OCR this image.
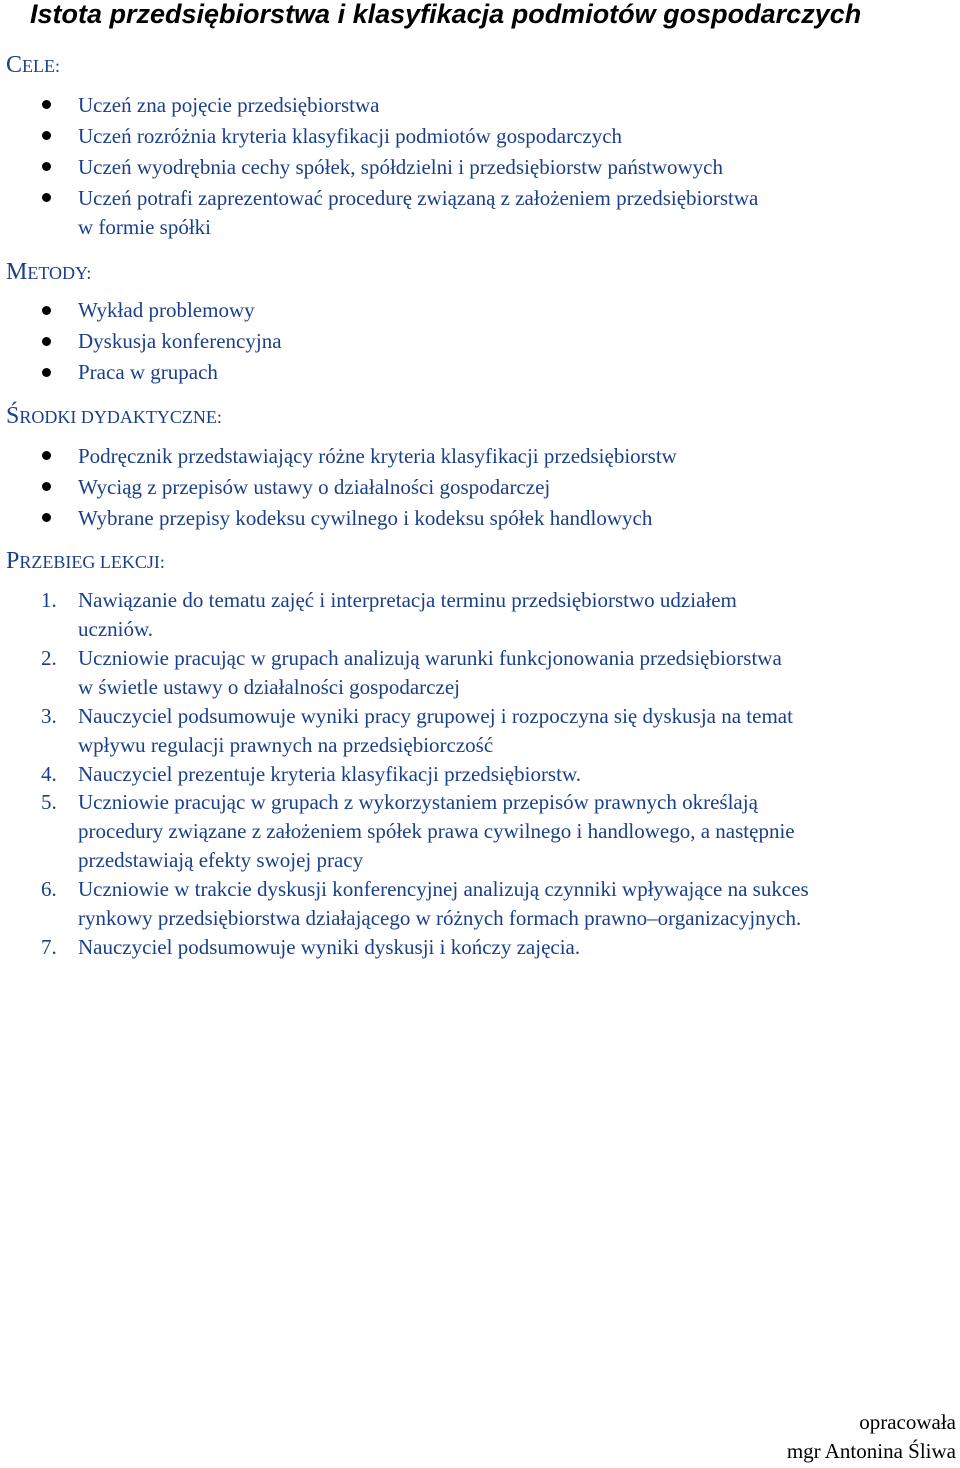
Istota przedsiębiorstwa i klasyfikacja podmiotów gospodarczych
CELE:
Uczeń zna pojęcie przedsiębiorstwa
Uczeń rozróżnia kryteria klasyfikacji podmiotów gospodarczych
Uczeń wyodrębnia cechy spółek, spółdzielni i przedsiębiorstw państwowych
Uczeń potrafi zaprezentować procedurę związaną z założeniem przedsiębiorstwa
w formie spółki
METODY:
Wykład problemowy
Dyskusja konferencyjna
Praca w grupach
ŚRODKI DYDAKTYCZNE:
Podręcznik przedstawiający różne kryteria klasyfikacji przedsiębiorstw
Wyciąg z przepisów ustawy o działalności gospodarczej
Wybrane przepisy kodeksu cywilnego i kodeksu spółek handlowych
PRZEBIEG LEKCJI:
1. Nawiązanie do tematu zajęć i interpretacja terminu przedsiębiorstwo udziałem
uczniów.
2. Uczniowie pracując w grupach analizują warunki funkcjonowania przedsiębiorstwa
w świetle ustawy o działalności gospodarczej
3. Nauczyciel podsumowuje wyniki pracy grupowej i rozpoczyna się dyskusja na temat
wpływu regulacji prawnych na przedsiębiorczość
4. Nauczyciel prezentuje kryteria klasyfikacji przedsiębiorstw.
5. Uczniowie pracując w grupach z wykorzystaniem przepisów prawnych określają
procedury związane z założeniem spółek prawa cywilnego i handlowego, a następnie
przedstawiają efekty swojej pracy
6. Uczniowie w trakcie dyskusji konferencyjnej analizują czynniki wpływające na sukces
rynkowy przedsiębiorstwa działającego w różnych formach prawno–organizacyjnych.
7. Nauczyciel podsumowuje wyniki dyskusji i kończy zajęcia.
opracowała
mgr Antonina Śliwa
